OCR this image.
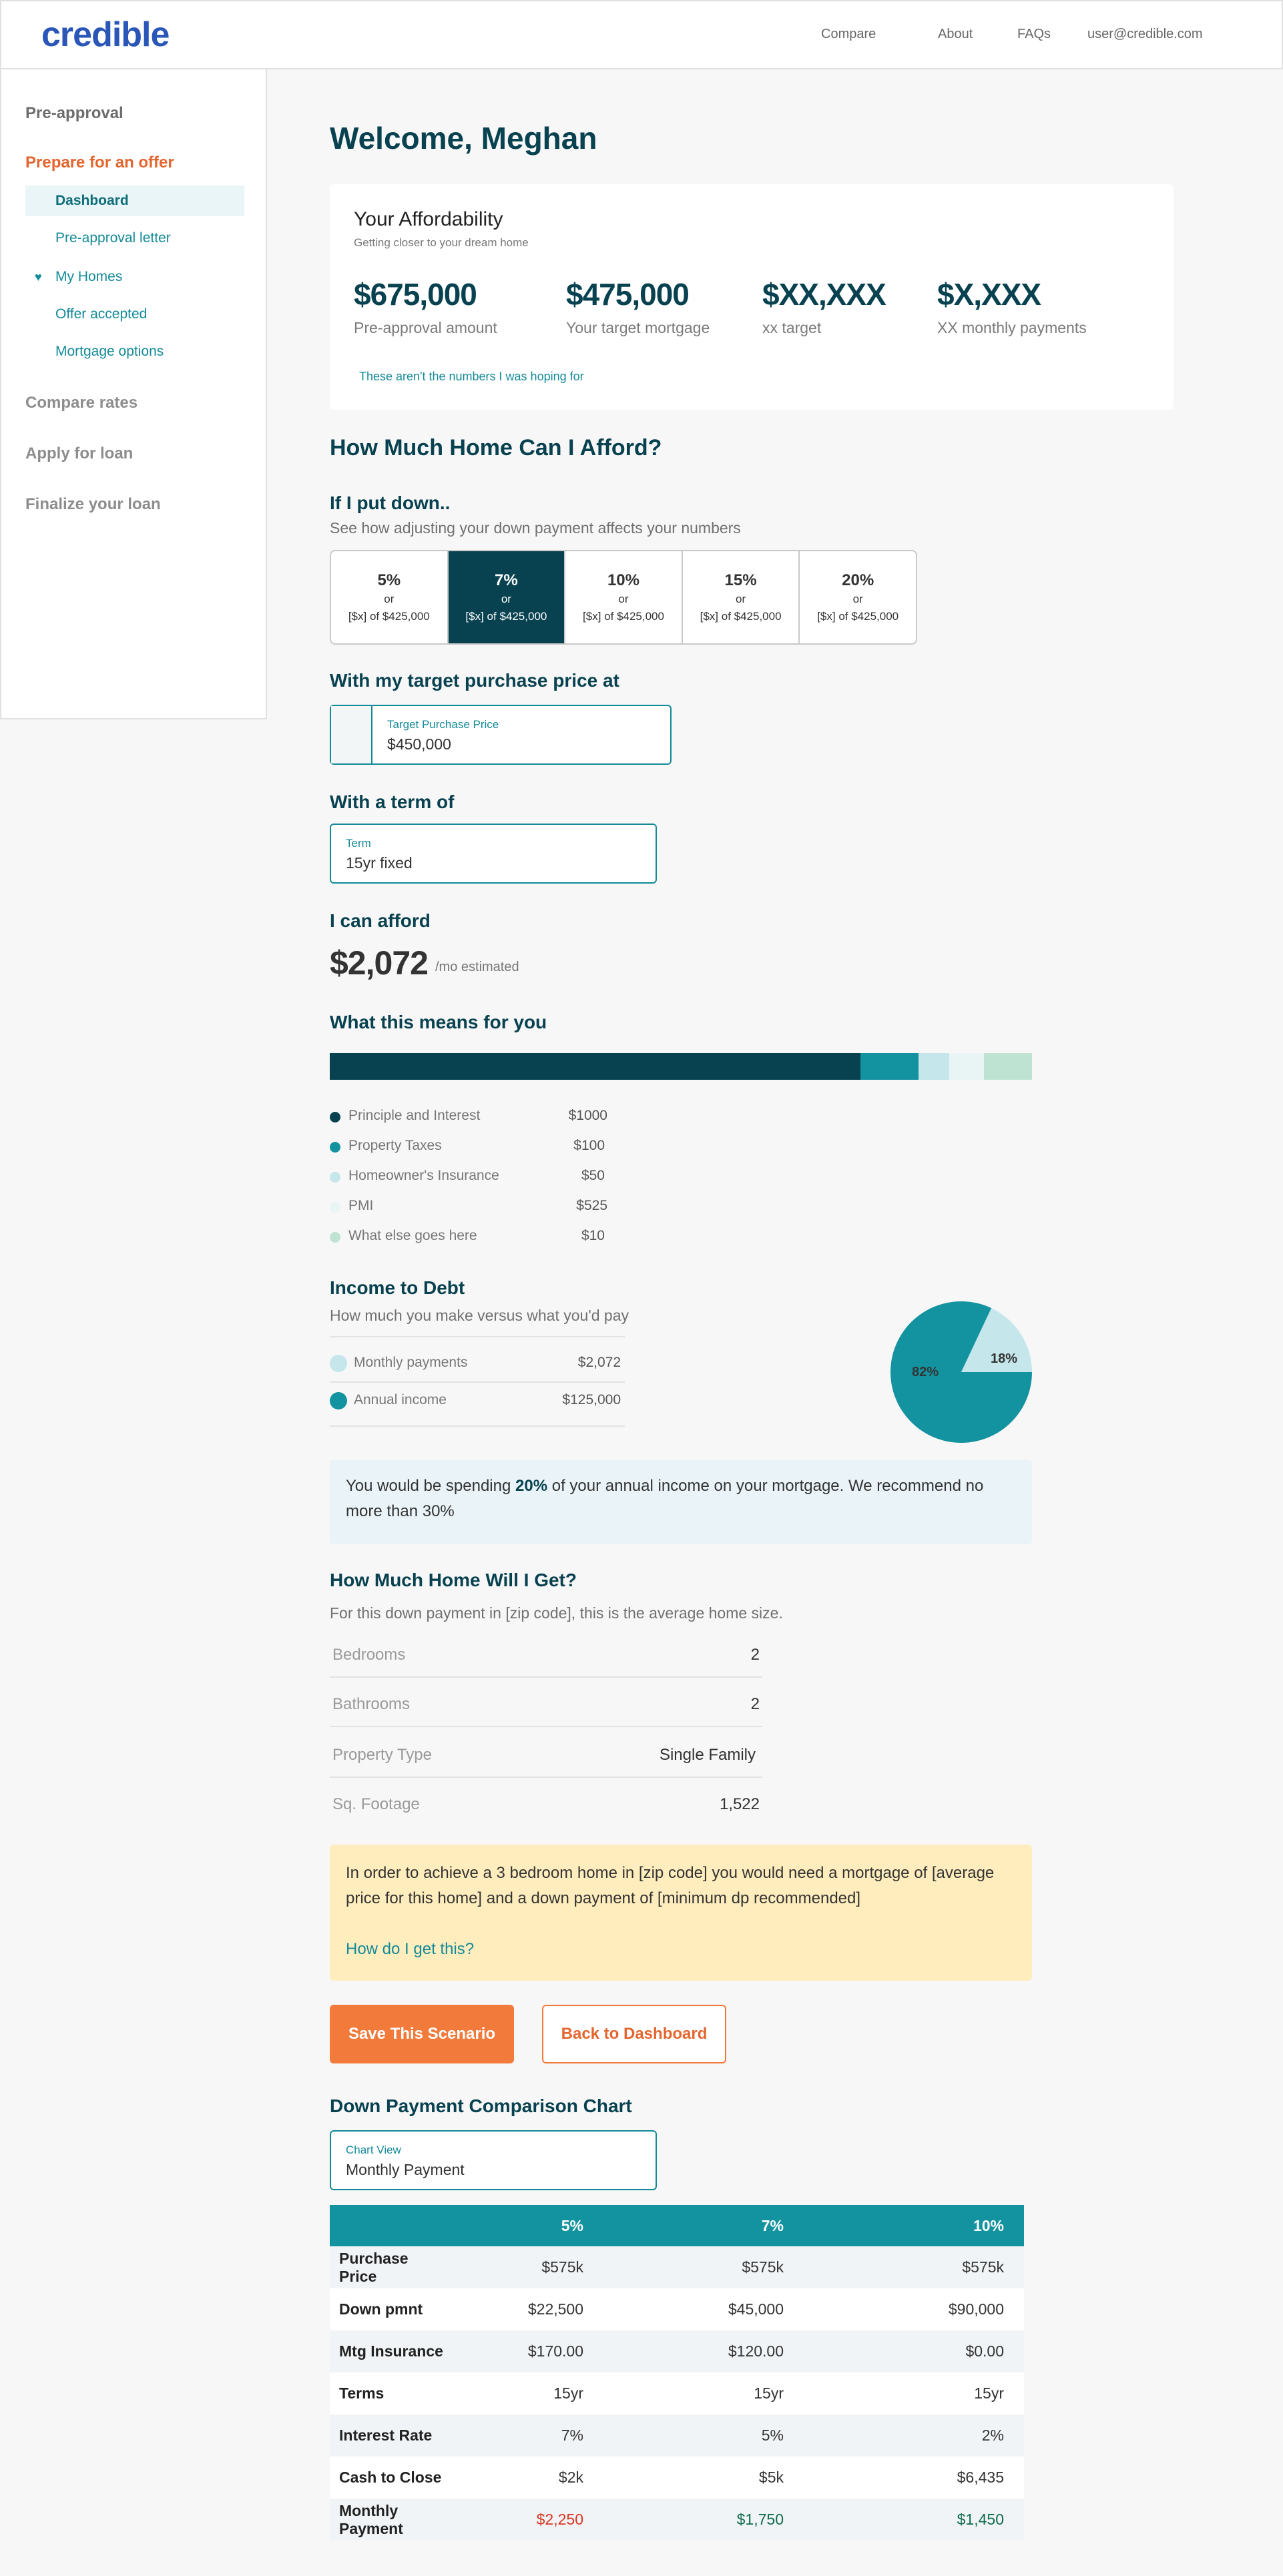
credible	Compare	About	FAQs	user@credible.com
Pre-approval
Prepare for an offer
Dashboard
Pre-approval letter
♥ My Homes
Offer accepted
Mortgage options
Compare rates
Apply for loan
Finalize your loan
Welcome, Meghan
Your Affordability
Getting closer to your dream home
$675,000
Pre-approval amount
$475,000
Your target mortgage
$XX,XXX
xx target
$X,XXX
XX monthly payments
These aren't the numbers I was hoping for
How Much Home Can I Afford?
If I put down..
See how adjusting your down payment affects your numbers
5%
or
[$x] of $425,000
7%
or
[$x] of $425,000
10%
or
[$x] of $425,000
15%
or
[$x] of $425,000
20%
or
[$x] of $425,000
With my target purchase price at
Target Purchase Price
$450,000
With a term of
Term
15yr fixed
I can afford
$2,072 /mo estimated
What this means for you
Principle and Interest	$1000
Property Taxes	$100
Homeowner's Insurance	$50
PMI	$525
What else goes here	$10
Income to Debt
How much you make versus what you'd pay
Monthly payments	$2,072
Annual income	$125,000
82%
18%
You would be spending 20% of your annual income on your mortgage. We recommend no more than 30%
How Much Home Will I Get?
For this down payment in [zip code], this is the average home size.
Bedrooms	2
Bathrooms	2
Property Type	Single Family
Sq. Footage	1,522
In order to achieve a 3 bedroom home in [zip code] you would need a mortgage of [average price for this home] and a down payment of [minimum dp recommended]
How do I get this?
Save This Scenario	Back to Dashboard
Down Payment Comparison Chart
Chart View
Monthly Payment
	5%	7%	10%
Purchase Price	$575k	$575k	$575k
Down pmnt	$22,500	$45,000	$90,000
Mtg Insurance	$170.00	$120.00	$0.00
Terms	15yr	15yr	15yr
Interest Rate	7%	5%	2%
Cash to Close	$2k	$5k	$6,435
Monthly Payment	$2,250	$1,750	$1,450
